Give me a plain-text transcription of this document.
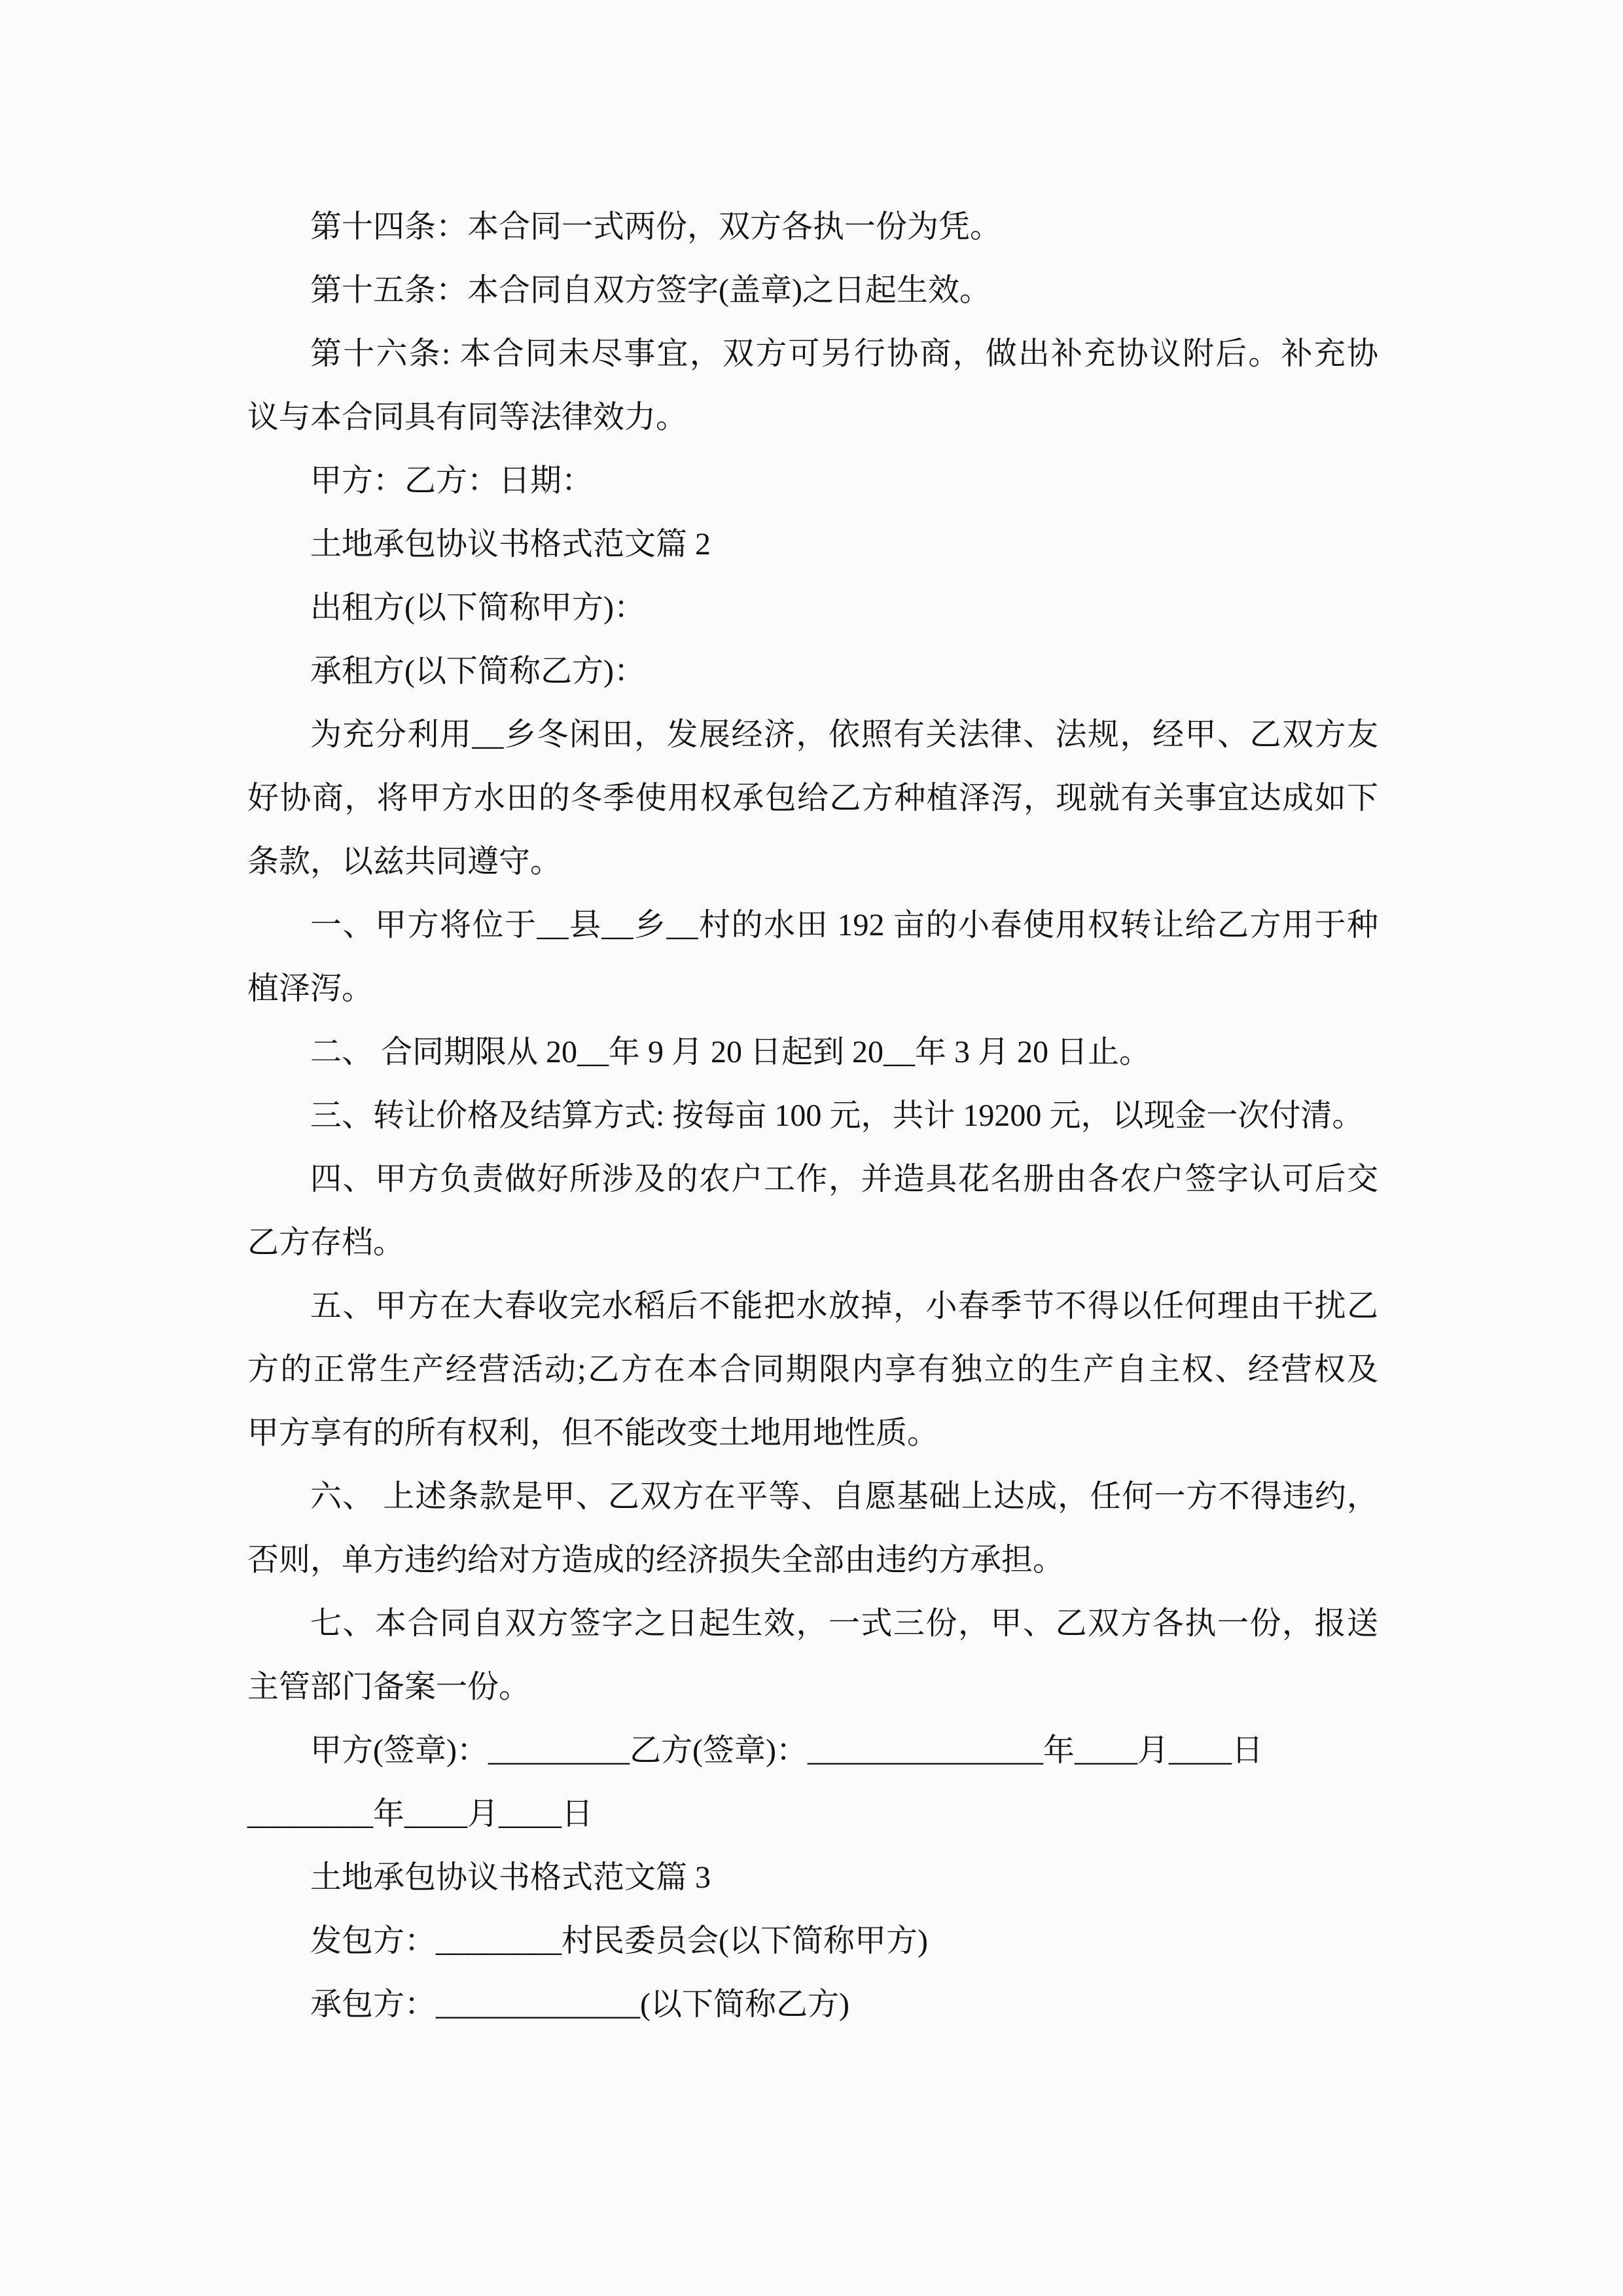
第十四条：本合同一式两份，双方各执一份为凭。
第十五条：本合同自双方签字(盖章)之日起生效。
第十六条: 本合同未尽事宜，双方可另行协商，做出补充协议附后。补充协
议与本合同具有同等法律效力。
甲方：乙方：日期：
土地承包协议书格式范文篇 2
出租方(以下简称甲方)：
承租方(以下简称乙方)：
为充分利用__乡冬闲田，发展经济，依照有关法律、法规，经甲、乙双方友
好协商，将甲方水田的冬季使用权承包给乙方种植泽泻，现就有关事宜达成如下
条款，以兹共同遵守。
一、甲方将位于__县__乡__村的水田 192 亩的小春使用权转让给乙方用于种
植泽泻。
二、 合同期限从 20__年 9 月 20 日起到 20__年 3 月 20 日止。
三、转让价格及结算方式: 按每亩 100 元，共计 19200 元，以现金一次付清。
四、甲方负责做好所涉及的农户工作，并造具花名册由各农户签字认可后交
乙方存档。
五、甲方在大春收完水稻后不能把水放掉，小春季节不得以任何理由干扰乙
方的正常生产经营活动;乙方在本合同期限内享有独立的生产自主权、经营权及
甲方享有的所有权利，但不能改变土地用地性质。
六、 上述条款是甲、乙双方在平等、自愿基础上达成，任何一方不得违约，
否则，单方违约给对方造成的经济损失全部由违约方承担。
七、本合同自双方签字之日起生效，一式三份，甲、乙双方各执一份，报送
主管部门备案一份。
甲方(签章)：_________乙方(签章)：_______________年____月____日
________年____月____日
土地承包协议书格式范文篇 3
发包方：________村民委员会(以下简称甲方)
承包方：_____________(以下简称乙方)
